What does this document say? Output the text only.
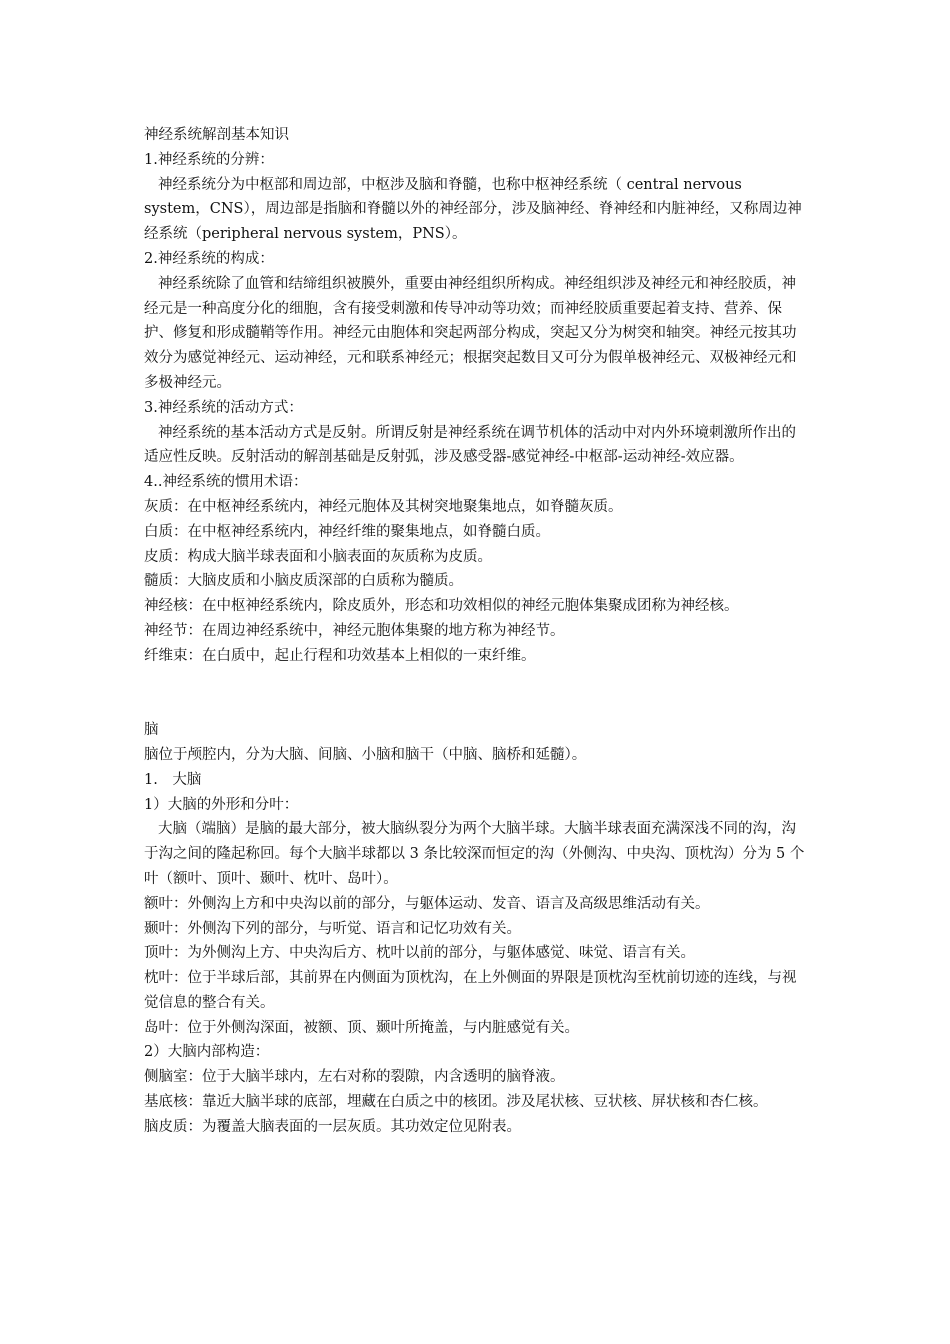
神经系统解剖基本知识

1.神经系统的分辨：

神经系统分为中枢部和周边部，中枢涉及脑和脊髓，也称中枢神经系统（ central nervous system，CNS），周边部是指脑和脊髓以外的神经部分，涉及脑神经、脊神经和内脏神经，又称周边神经系统（peripheral nervous system，PNS）。

2.神经系统的构成：

神经系统除了血管和结缔组织被膜外，重要由神经组织所构成。神经组织涉及神经元和神经胶质，神经元是一种高度分化的细胞，含有接受刺激和传导冲动等功效；而神经胶质重要起着支持、营养、保护、修复和形成髓鞘等作用。神经元由胞体和突起两部分构成，突起又分为树突和轴突。神经元按其功效分为感觉神经元、运动神经，元和联系神经元；根据突起数目又可分为假单极神经元、双极神经元和多极神经元。

3.神经系统的活动方式：

神经系统的基本活动方式是反射。所谓反射是神经系统在调节机体的活动中对内外环境刺激所作出的适应性反映。反射活动的解剖基础是反射弧，涉及感受器-感觉神经-中枢部-运动神经-效应器。

4..神经系统的惯用术语：

灰质：在中枢神经系统内，神经元胞体及其树突地聚集地点，如脊髓灰质。

白质：在中枢神经系统内，神经纤维的聚集地点，如脊髓白质。

皮质：构成大脑半球表面和小脑表面的灰质称为皮质。

髓质：大脑皮质和小脑皮质深部的白质称为髓质。

神经核：在中枢神经系统内，除皮质外，形态和功效相似的神经元胞体集聚成团称为神经核。

神经节：在周边神经系统中，神经元胞体集聚的地方称为神经节。

纤维束：在白质中，起止行程和功效基本上相似的一束纤维。

脑

脑位于颅腔内，分为大脑、间脑、小脑和脑干（中脑、脑桥和延髓）。

1.　大脑

1）大脑的外形和分叶：

大脑（端脑）是脑的最大部分，被大脑纵裂分为两个大脑半球。大脑半球表面充满深浅不同的沟，沟于沟之间的隆起称回。每个大脑半球都以 3 条比较深而恒定的沟（外侧沟、中央沟、顶枕沟）分为 5 个叶（额叶、顶叶、颞叶、枕叶、岛叶）。

额叶：外侧沟上方和中央沟以前的部分，与躯体运动、发音、语言及高级思维活动有关。

颞叶：外侧沟下列的部分，与听觉、语言和记忆功效有关。

顶叶：为外侧沟上方、中央沟后方、枕叶以前的部分，与躯体感觉、味觉、语言有关。

枕叶：位于半球后部，其前界在内侧面为顶枕沟，在上外侧面的界限是顶枕沟至枕前切迹的连线，与视觉信息的整合有关。

岛叶：位于外侧沟深面，被额、顶、颞叶所掩盖，与内脏感觉有关。

2）大脑内部构造：

侧脑室：位于大脑半球内，左右对称的裂隙，内含透明的脑脊液。

基底核：靠近大脑半球的底部，埋藏在白质之中的核团。涉及尾状核、豆状核、屏状核和杏仁核。

脑皮质：为覆盖大脑表面的一层灰质。其功效定位见附表。
